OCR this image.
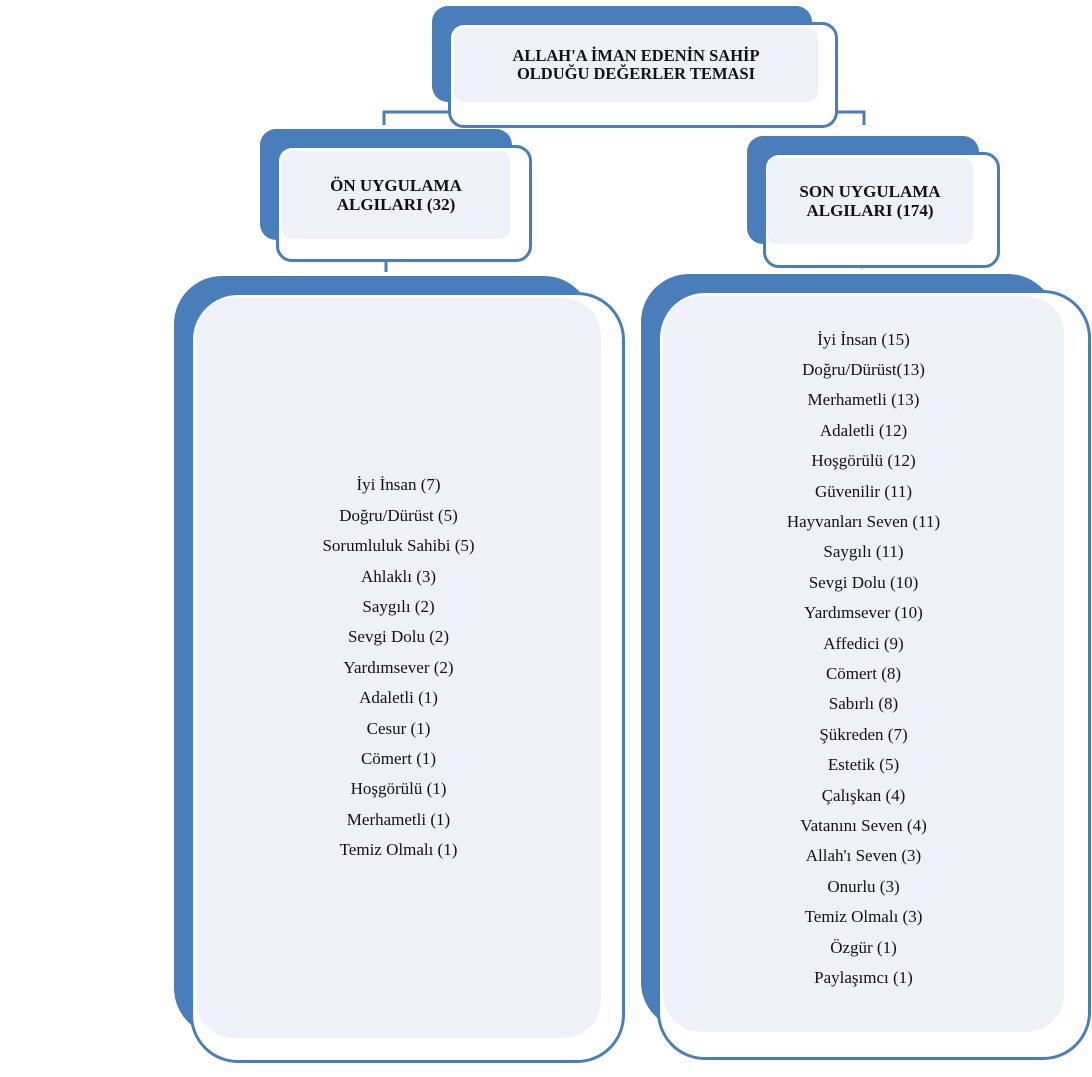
ALLAH'A İMAN EDENİN SAHİP
OLDUĞU DEĞERLER TEMASI
ÖN UYGULAMA
ALGILARI (32)
SON UYGULAMA
ALGILARI (174)
İyi İnsan (7)
Doğru/Dürüst (5)
Sorumluluk Sahibi (5)
Ahlaklı (3)
Saygılı (2)
Sevgi Dolu (2)
Yardımsever (2)
Adaletli (1)
Cesur (1)
Cömert (1)
Hoşgörülü (1)
Merhametli (1)
Temiz Olmalı (1)
İyi İnsan (15)
Doğru/Dürüst(13)
Merhametli (13)
Adaletli (12)
Hoşgörülü (12)
Güvenilir (11)
Hayvanları Seven (11)
Saygılı (11)
Sevgi Dolu (10)
Yardımsever (10)
Affedici (9)
Cömert (8)
Sabırlı (8)
Şükreden (7)
Estetik (5)
Çalışkan (4)
Vatanını Seven (4)
Allah'ı Seven (3)
Onurlu (3)
Temiz Olmalı (3)
Özgür (1)
Paylaşımcı (1)
